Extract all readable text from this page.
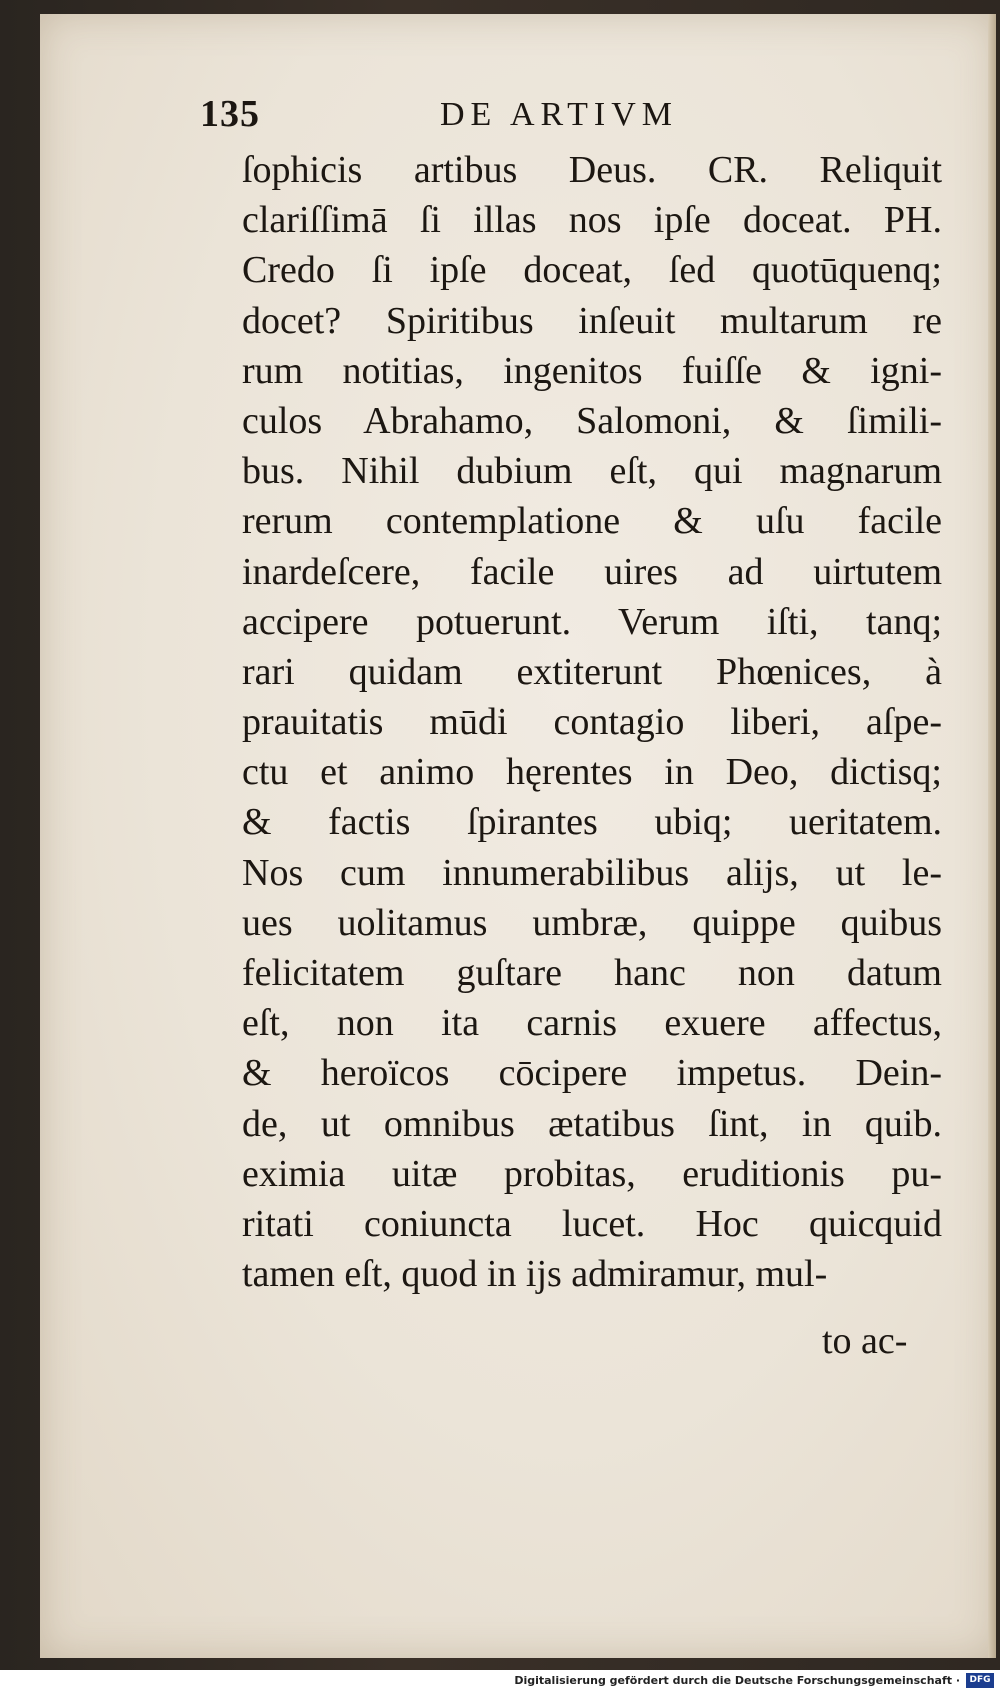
135	DE ARTIVM
ſophicis artibus Deus. CR. Reliquit
clariſſimā ſi illas nos ipſe doceat. PH.
Credo ſi ipſe doceat, ſed quotūquenq;
docet? Spiritibus inſeuit multarum re
rum notitias, ingenitos fuiſſe & igni-
culos Abrahamo, Salomoni, & ſimili-
bus. Nihil dubium eſt, qui magnarum
rerum contemplatione & uſu facile
inardeſcere, facile uires ad uirtutem
accipere potuerunt. Verum iſti, tanq;
rari quidam extiterunt Phœnices, à
prauitatis mūdi contagio liberi, aſpe-
ctu et animo hęrentes in Deo, dictisq;
& factis ſpirantes ubiq; ueritatem.
Nos cum innumerabilibus alijs, ut le-
ues uolitamus umbræ, quippe quibus
felicitatem guſtare hanc non datum
eſt, non ita carnis exuere affectus,
& heroïcos cōcipere impetus. Dein-
de, ut omnibus ætatibus ſint, in quib.
eximia uitæ probitas, eruditionis pu-
ritati coniuncta lucet. Hoc quicquid
tamen eſt, quod in ijs admiramur, mul-
to ac-
Digitalisierung gefördert durch die Deutsche Forschungsgemeinschaft ·	DFG
